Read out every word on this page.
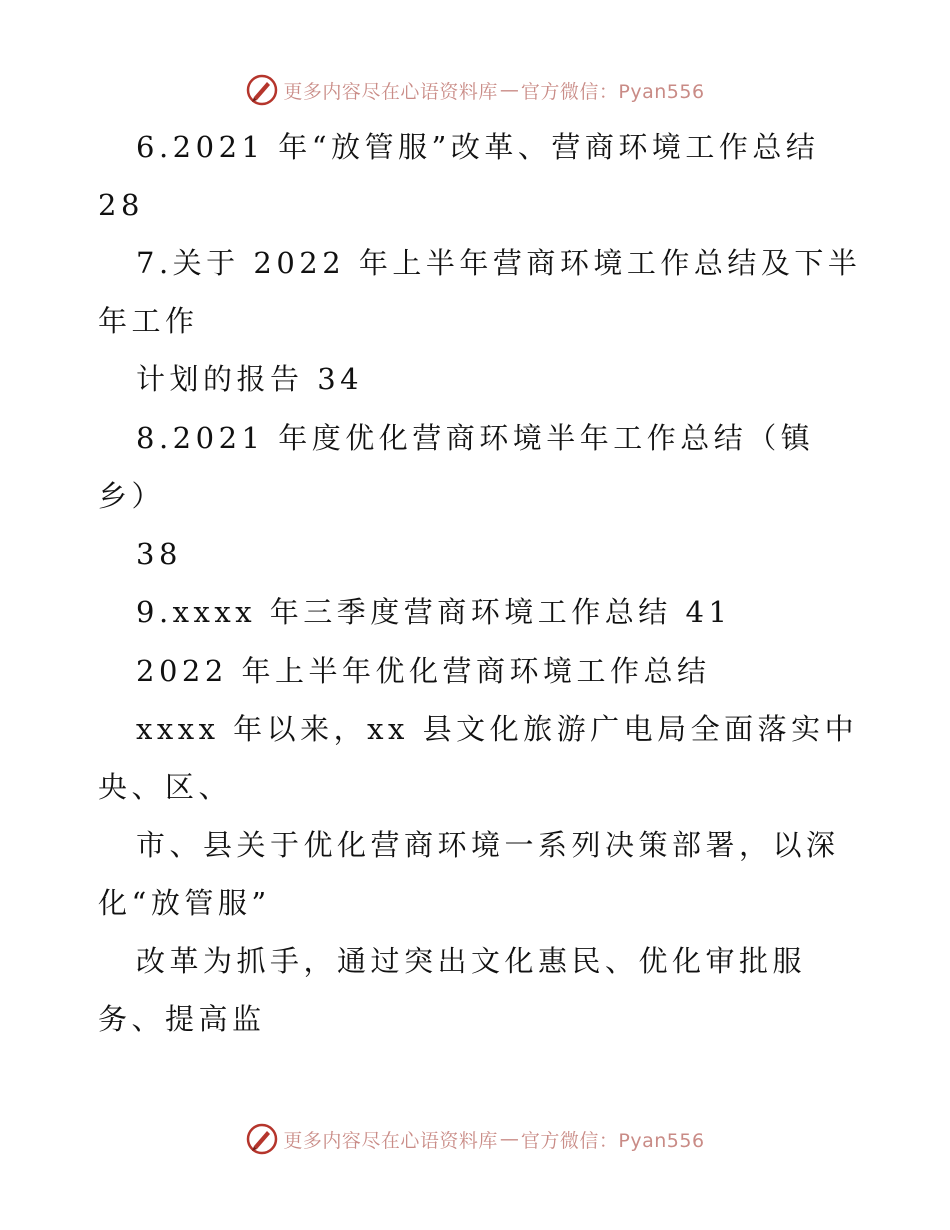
更多内容尽在心语资料库 — 官方微信：Pyan556
6.2021 年“放管服”改革、营商环境工作总结
28
7.关于 2022 年上半年营商环境工作总结及下半
年工作
计划的报告 34
8.2021 年度优化营商环境半年工作总结（镇
乡）
38
9.xxxx 年三季度营商环境工作总结 41
2022 年上半年优化营商环境工作总结
xxxx 年以来，xx 县文化旅游广电局全面落实中
央、区、
市、县关于优化营商环境一系列决策部署，以深
化“放管服”
改革为抓手，通过突出文化惠民、优化审批服
务、提高监
更多内容尽在心语资料库 — 官方微信：Pyan556
